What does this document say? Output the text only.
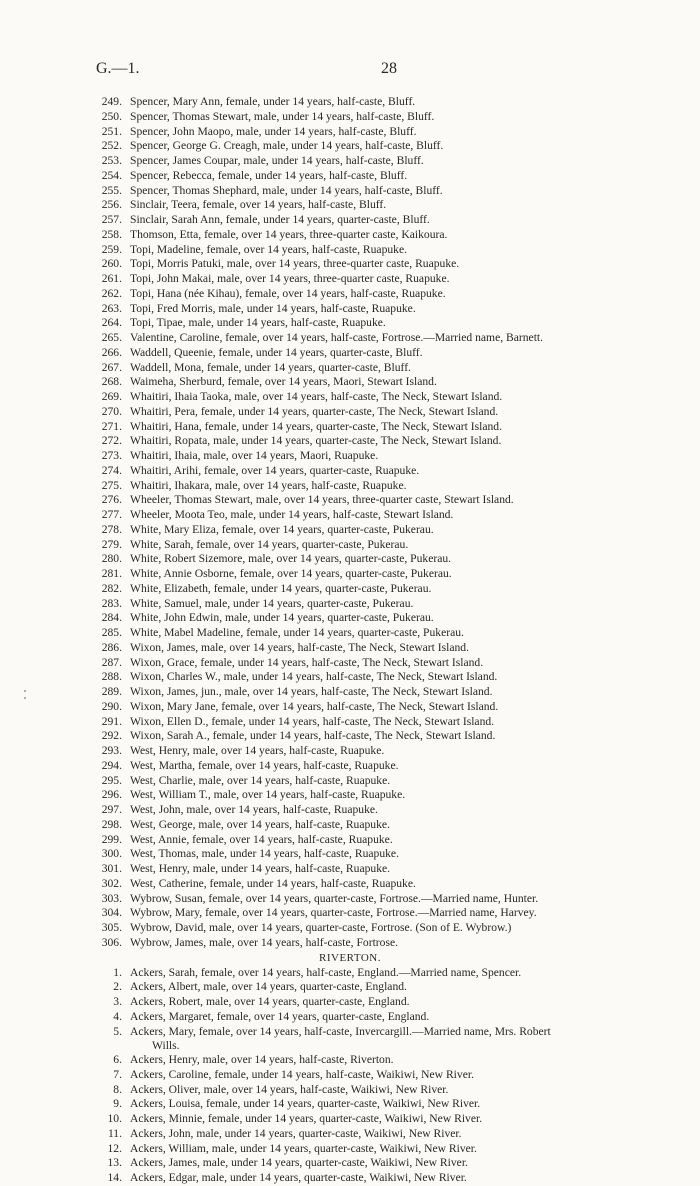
G.—1.	28
249. Spencer, Mary Ann, female, under 14 years, half-caste, Bluff.
250. Spencer, Thomas Stewart, male, under 14 years, half-caste, Bluff.
251. Spencer, John Maopo, male, under 14 years, half-caste, Bluff.
252. Spencer, George G. Creagh, male, under 14 years, half-caste, Bluff.
253. Spencer, James Coupar, male, under 14 years, half-caste, Bluff.
254. Spencer, Rebecca, female, under 14 years, half-caste, Bluff.
255. Spencer, Thomas Shephard, male, under 14 years, half-caste, Bluff.
256. Sinclair, Teera, female, over 14 years, half-caste, Bluff.
257. Sinclair, Sarah Ann, female, under 14 years, quarter-caste, Bluff.
258. Thomson, Etta, female, over 14 years, three-quarter caste, Kaikoura.
259. Topi, Madeline, female, over 14 years, half-caste, Ruapuke.
260. Topi, Morris Patuki, male, over 14 years, three-quarter caste, Ruapuke.
261. Topi, John Makai, male, over 14 years, three-quarter caste, Ruapuke.
262. Topi, Hana (née Kihau), female, over 14 years, half-caste, Ruapuke.
263. Topi, Fred Morris, male, under 14 years, half-caste, Ruapuke.
264. Topi, Tipae, male, under 14 years, half-caste, Ruapuke.
265. Valentine, Caroline, female, over 14 years, half-caste, Fortrose.—Married name, Barnett.
266. Waddell, Queenie, female, under 14 years, quarter-caste, Bluff.
267. Waddell, Mona, female, under 14 years, quarter-caste, Bluff.
268. Waimeha, Sherburd, female, over 14 years, Maori, Stewart Island.
269. Whaitiri, Ihaia Taoka, male, over 14 years, half-caste, The Neck, Stewart Island.
270. Whaitiri, Pera, female, under 14 years, quarter-caste, The Neck, Stewart Island.
271. Whaitiri, Hana, female, under 14 years, quarter-caste, The Neck, Stewart Island.
272. Whaitiri, Ropata, male, under 14 years, quarter-caste, The Neck, Stewart Island.
273. Whaitiri, Ihaia, male, over 14 years, Maori, Ruapuke.
274. Whaitiri, Arihi, female, over 14 years, quarter-caste, Ruapuke.
275. Whaitiri, Ihakara, male, over 14 years, half-caste, Ruapuke.
276. Wheeler, Thomas Stewart, male, over 14 years, three-quarter caste, Stewart Island.
277. Wheeler, Moota Teo, male, under 14 years, half-caste, Stewart Island.
278. White, Mary Eliza, female, over 14 years, quarter-caste, Pukerau.
279. White, Sarah, female, over 14 years, quarter-caste, Pukerau.
280. White, Robert Sizemore, male, over 14 years, quarter-caste, Pukerau.
281. White, Annie Osborne, female, over 14 years, quarter-caste, Pukerau.
282. White, Elizabeth, female, under 14 years, quarter-caste, Pukerau.
283. White, Samuel, male, under 14 years, quarter-caste, Pukerau.
284. White, John Edwin, male, under 14 years, quarter-caste, Pukerau.
285. White, Mabel Madeline, female, under 14 years, quarter-caste, Pukerau.
286. Wixon, James, male, over 14 years, half-caste, The Neck, Stewart Island.
287. Wixon, Grace, female, under 14 years, half-caste, The Neck, Stewart Island.
288. Wixon, Charles W., male, under 14 years, half-caste, The Neck, Stewart Island.
289. Wixon, James, jun., male, over 14 years, half-caste, The Neck, Stewart Island.
290. Wixon, Mary Jane, female, over 14 years, half-caste, The Neck, Stewart Island.
291. Wixon, Ellen D., female, under 14 years, half-caste, The Neck, Stewart Island.
292. Wixon, Sarah A., female, under 14 years, half-caste, The Neck, Stewart Island.
293. West, Henry, male, over 14 years, half-caste, Ruapuke.
294. West, Martha, female, over 14 years, half-caste, Ruapuke.
295. West, Charlie, male, over 14 years, half-caste, Ruapuke.
296. West, William T., male, over 14 years, half-caste, Ruapuke.
297. West, John, male, over 14 years, half-caste, Ruapuke.
298. West, George, male, over 14 years, half-caste, Ruapuke.
299. West, Annie, female, over 14 years, half-caste, Ruapuke.
300. West, Thomas, male, under 14 years, half-caste, Ruapuke.
301. West, Henry, male, under 14 years, half-caste, Ruapuke.
302. West, Catherine, female, under 14 years, half-caste, Ruapuke.
303. Wybrow, Susan, female, over 14 years, quarter-caste, Fortrose.—Married name, Hunter.
304. Wybrow, Mary, female, over 14 years, quarter-caste, Fortrose.—Married name, Harvey.
305. Wybrow, David, male, over 14 years, quarter-caste, Fortrose. (Son of E. Wybrow.)
306. Wybrow, James, male, over 14 years, half-caste, Fortrose.
RIVERTON.
1. Ackers, Sarah, female, over 14 years, half-caste, England.—Married name, Spencer.
2. Ackers, Albert, male, over 14 years, quarter-caste, England.
3. Ackers, Robert, male, over 14 years, quarter-caste, England.
4. Ackers, Margaret, female, over 14 years, quarter-caste, England.
5. Ackers, Mary, female, over 14 years, half-caste, Invercargill.—Married name, Mrs. Robert
Wills.
6. Ackers, Henry, male, over 14 years, half-caste, Riverton.
7. Ackers, Caroline, female, under 14 years, half-caste, Waikiwi, New River.
8. Ackers, Oliver, male, over 14 years, half-caste, Waikiwi, New River.
9. Ackers, Louisa, female, under 14 years, quarter-caste, Waikiwi, New River.
10. Ackers, Minnie, female, under 14 years, quarter-caste, Waikiwi, New River.
11. Ackers, John, male, under 14 years, quarter-caste, Waikiwi, New River.
12. Ackers, William, male, under 14 years, quarter-caste, Waikiwi, New River.
13. Ackers, James, male, under 14 years, quarter-caste, Waikiwi, New River.
14. Ackers, Edgar, male, under 14 years, quarter-caste, Waikiwi, New River.
